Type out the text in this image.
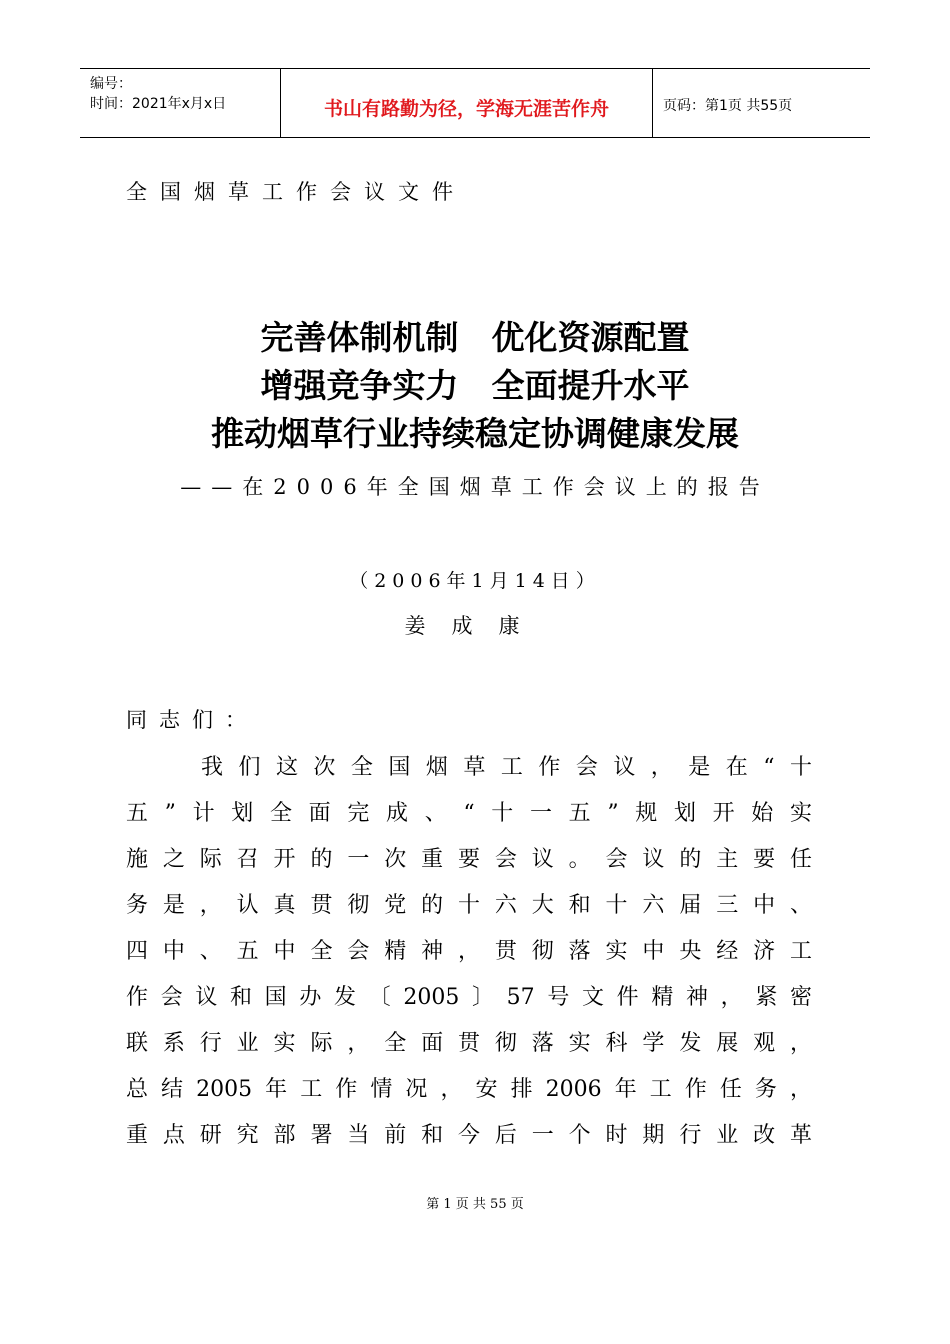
编号：
时间：2021年x月x日	书山有路勤为径，学海无涯苦作舟	页码：第1页 共55页
全国烟草工作会议文件
完善体制机制　优化资源配置
增强竞争实力　全面提升水平
推动烟草行业持续稳定协调健康发展
——在2006年全国烟草工作会议上的报告
（2006年1月14日）
姜成康
同志们：
　　我们这次全国烟草工作会议，是在“十
五”计划全面完成、“十一五”规划开始实
施之际召开的一次重要会议。会议的主要任
务是，认真贯彻党的十六大和十六届三中、
四中、五中全会精神，贯彻落实中央经济工
作会议和国办发〔2005〕57号文件精神，紧密
联系行业实际，全面贯彻落实科学发展观，
总结2005年工作情况，安排2006年工作任务，
重点研究部署当前和今后一个时期行业改革
第 1 页 共 55 页
